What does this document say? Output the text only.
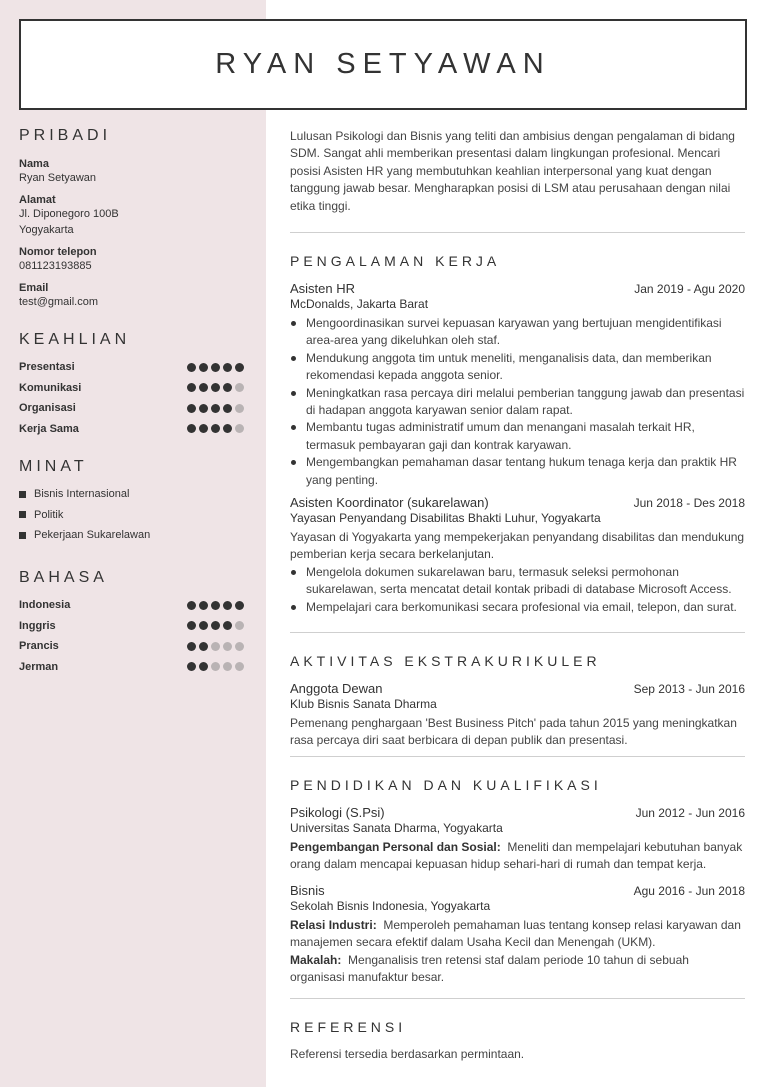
RYAN SETYAWAN
PRIBADI
Nama
Ryan Setyawan
Alamat
Jl. Diponegoro 100B
Yogyakarta
Nomor telepon
081123193885
Email
test@gmail.com
KEAHLIAN
Presentasi
Komunikasi
Organisasi
Kerja Sama
MINAT
Bisnis Internasional
Politik
Pekerjaan Sukarelawan
BAHASA
Indonesia
Inggris
Prancis
Jerman

Lulusan Psikologi dan Bisnis yang teliti dan ambisius dengan pengalaman di bidang SDM. Sangat ahli memberikan presentasi dalam lingkungan profesional. Mencari posisi Asisten HR yang membutuhkan keahlian interpersonal yang kuat dengan tanggung jawab besar. Mengharapkan posisi di LSM atau perusahaan dengan nilai etika tinggi.

PENGALAMAN KERJA
Asisten HR	Jan 2019 - Agu 2020
McDonalds, Jakarta Barat
Mengoordinasikan survei kepuasan karyawan yang bertujuan mengidentifikasi area-area yang dikeluhkan oleh staf.
Mendukung anggota tim untuk meneliti, menganalisis data, dan memberikan rekomendasi kepada anggota senior.
Meningkatkan rasa percaya diri melalui pemberian tanggung jawab dan presentasi di hadapan anggota karyawan senior dalam rapat.
Membantu tugas administratif umum dan menangani masalah terkait HR, termasuk pembayaran gaji dan kontrak karyawan.
Mengembangkan pemahaman dasar tentang hukum tenaga kerja dan praktik HR yang penting.
Asisten Koordinator (sukarelawan)	Jun 2018 - Des 2018
Yayasan Penyandang Disabilitas Bhakti Luhur, Yogyakarta

Yayasan di Yogyakarta yang mempekerjakan penyandang disabilitas dan mendukung pemberian kerja secara berkelanjutan.

Mengelola dokumen sukarelawan baru, termasuk seleksi permohonan sukarelawan, serta mencatat detail kontak pribadi di database Microsoft Access.
Mempelajari cara berkomunikasi secara profesional via email, telepon, dan surat.
AKTIVITAS EKSTRAKURIKULER
Anggota Dewan	Sep 2013 - Jun 2016
Klub Bisnis Sanata Dharma

Pemenang penghargaan 'Best Business Pitch' pada tahun 2015 yang meningkatkan rasa percaya diri saat berbicara di depan publik dan presentasi.

PENDIDIKAN DAN KUALIFIKASI
Psikologi (S.Psi)	Jun 2012 - Jun 2016
Universitas Sanata Dharma, Yogyakarta

Pengembangan Personal dan Sosial: Meneliti dan mempelajari kebutuhan banyak orang dalam mencapai kepuasan hidup sehari-hari di rumah dan tempat kerja.

Bisnis	Agu 2016 - Jun 2018
Sekolah Bisnis Indonesia, Yogyakarta

Relasi Industri: Memperoleh pemahaman luas tentang konsep relasi karyawan dan manajemen secara efektif dalam Usaha Kecil dan Menengah (UKM).

Makalah: Menganalisis tren retensi staf dalam periode 10 tahun di sebuah organisasi manufaktur besar.

REFERENSI

Referensi tersedia berdasarkan permintaan.
